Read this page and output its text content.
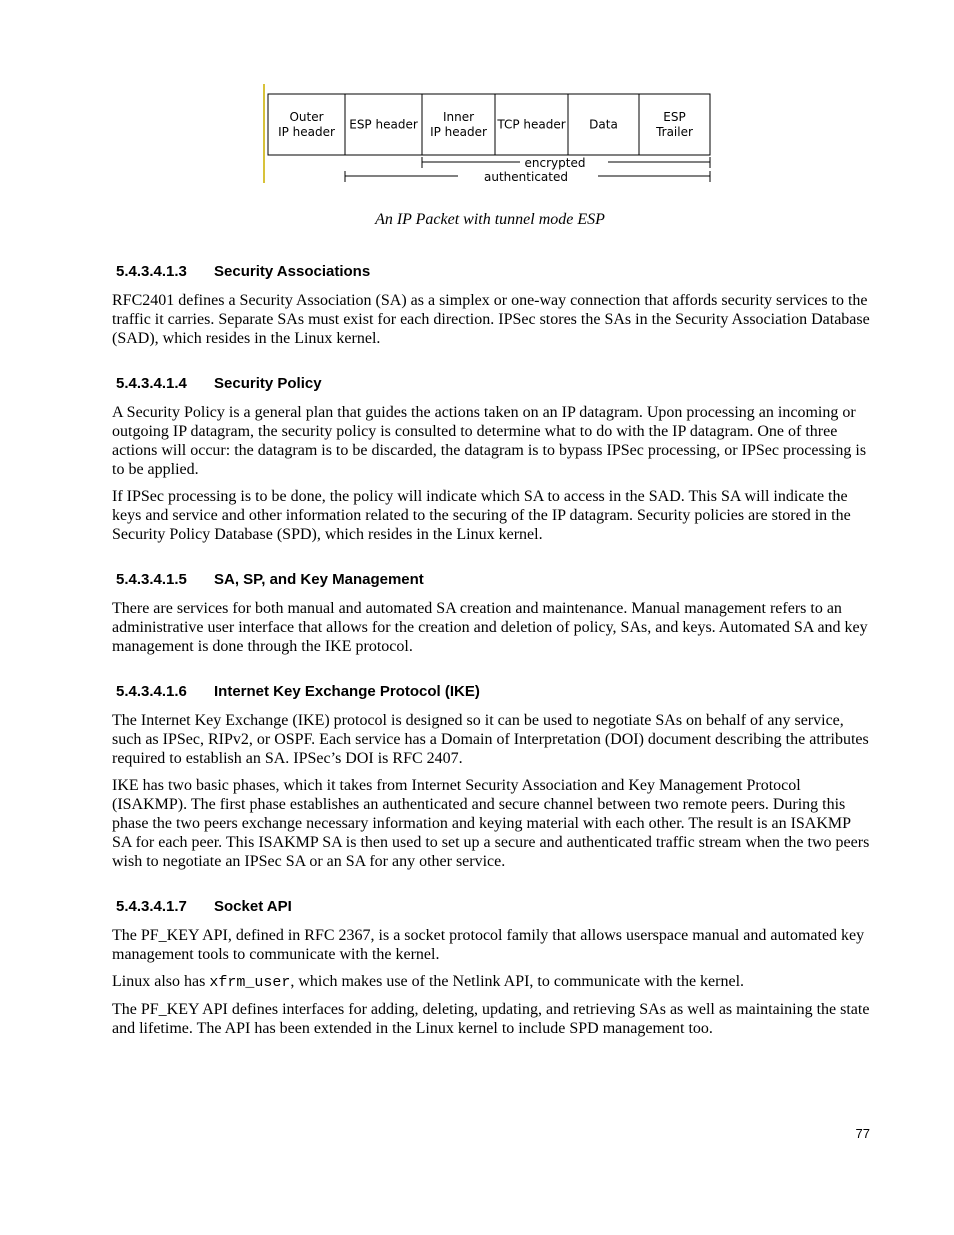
Outer
IP header
ESP header
Inner
IP header
TCP header Data
ESP
Trailer
encrypted
authenticated
An IP Packet with tunnel mode ESP
5.4.3.4.1.3 Security Associations

RFC2401 defines a Security Association (SA) as a simplex or one-way connection that affords security services to the traffic it carries. Separate SAs must exist for each direction. IPSec stores the SAs in the Security Association Database (SAD), which resides in the Linux kernel.

5.4.3.4.1.4 Security Policy

A Security Policy is a general plan that guides the actions taken on an IP datagram. Upon processing an incoming or outgoing IP datagram, the security policy is consulted to determine what to do with the IP datagram. One of three actions will occur: the datagram is to be discarded, the datagram is to bypass IPSec processing, or IPSec processing is to be applied.

If IPSec processing is to be done, the policy will indicate which SA to access in the SAD. This SA will indicate the keys and service and other information related to the securing of the IP datagram. Security policies are stored in the Security Policy Database (SPD), which resides in the Linux kernel.

5.4.3.4.1.5 SA, SP, and Key Management

There are services for both manual and automated SA creation and maintenance. Manual management refers to an administrative user interface that allows for the creation and deletion of policy, SAs, and keys. Automated SA and key management is done through the IKE protocol.

5.4.3.4.1.6 Internet Key Exchange Protocol (IKE)

The Internet Key Exchange (IKE) protocol is designed so it can be used to negotiate SAs on behalf of any service, such as IPSec, RIPv2, or OSPF. Each service has a Domain of Interpretation (DOI) document describing the attributes required to establish an SA. IPSec’s DOI is RFC 2407.

IKE has two basic phases, which it takes from Internet Security Association and Key Management Protocol (ISAKMP). The first phase establishes an authenticated and secure channel between two remote peers. During this phase the two peers exchange necessary information and keying material with each other. The result is an ISAKMP SA for each peer. This ISAKMP SA is then used to set up a secure and authenticated traffic stream when the two peers wish to negotiate an IPSec SA or an SA for any other service.

5.4.3.4.1.7 Socket API

The PF_KEY API, defined in RFC 2367, is a socket protocol family that allows userspace manual and automated key management tools to communicate with the kernel.

Linux also has xfrm_user, which makes use of the Netlink API, to communicate with the kernel.

The PF_KEY API defines interfaces for adding, deleting, updating, and retrieving SAs as well as maintaining the state and lifetime. The API has been extended in the Linux kernel to include SPD management too.

77
